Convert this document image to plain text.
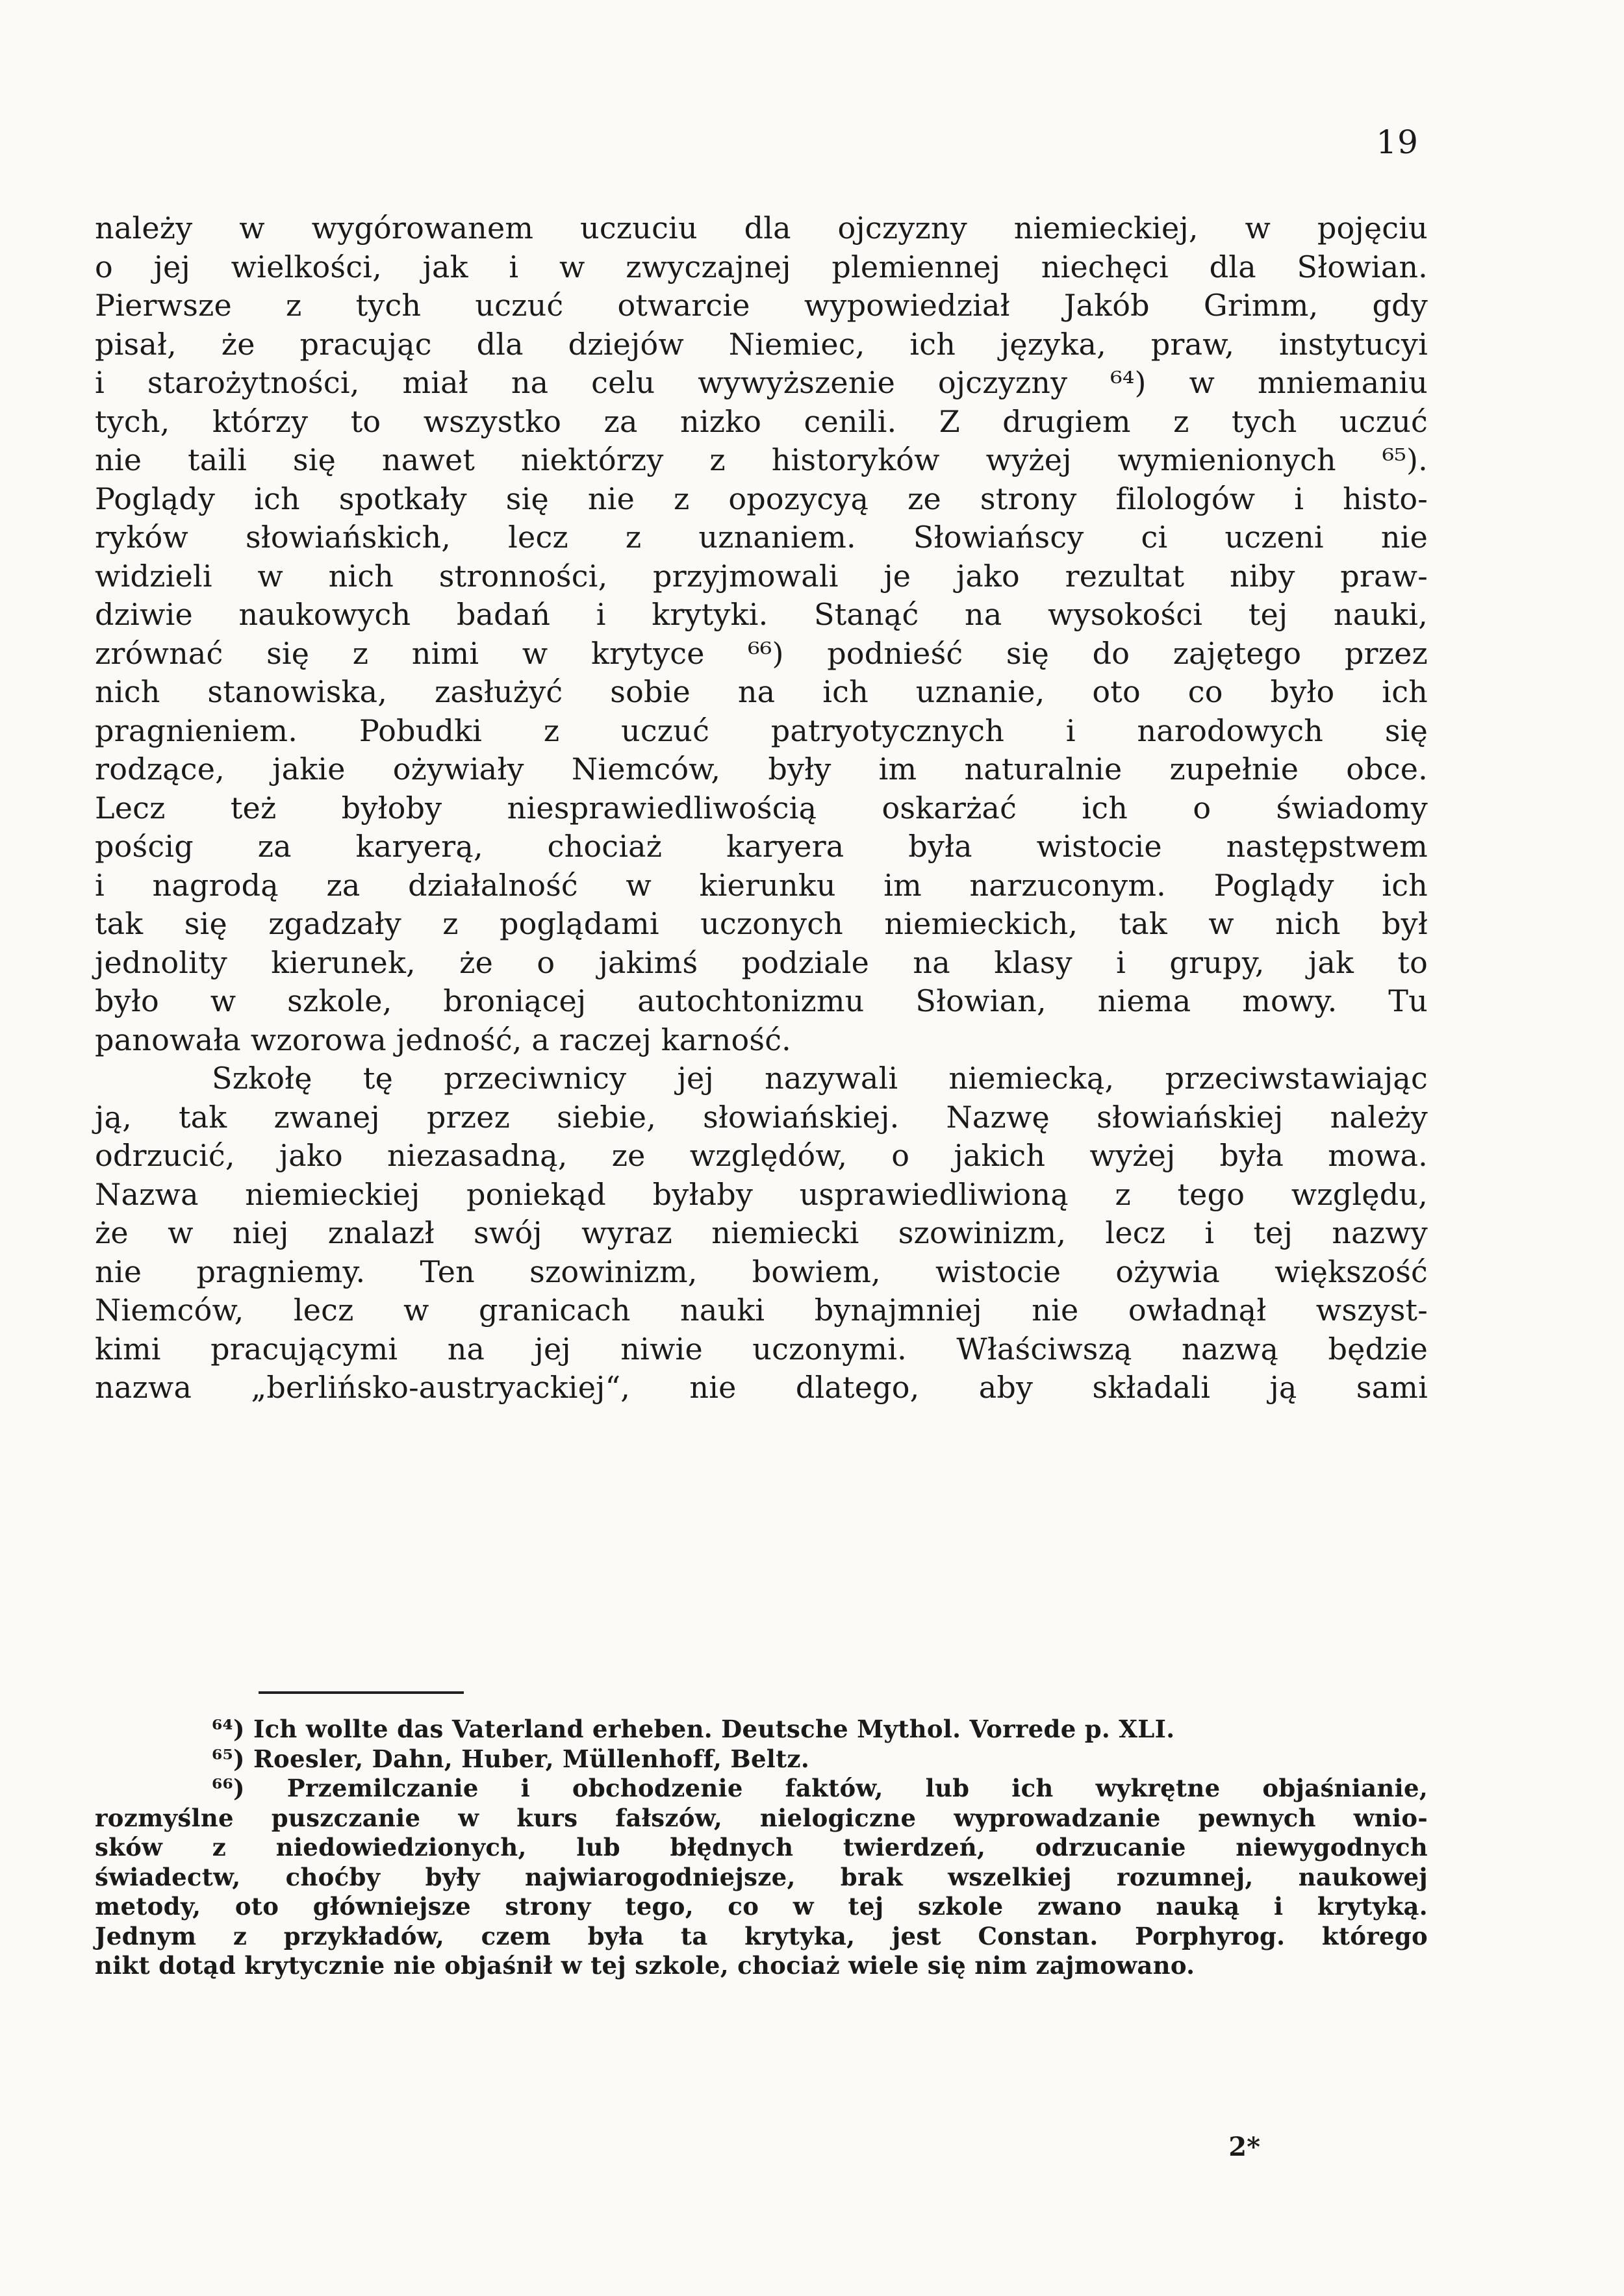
19
należy w wygórowanem uczuciu dla ojczyzny niemieckiej, w pojęciu
o jej wielkości, jak i w zwyczajnej plemiennej niechęci dla Słowian.
Pierwsze z tych uczuć otwarcie wypowiedział Jakób Grimm, gdy
pisał, że pracując dla dziejów Niemiec, ich języka, praw, instytucyi
i starożytności, miał na celu wywyższenie ojczyzny ⁶⁴) w mniemaniu
tych, którzy to wszystko za nizko cenili. Z drugiem z tych uczuć
nie taili się nawet niektórzy z historyków wyżej wymienionych ⁶⁵).
Poglądy ich spotkały się nie z opozycyą ze strony filologów i histo-
ryków słowiańskich, lecz z uznaniem. Słowiańscy ci uczeni nie
widzieli w nich stronności, przyjmowali je jako rezultat niby praw-
dziwie naukowych badań i krytyki. Stanąć na wysokości tej nauki,
zrównać się z nimi w krytyce ⁶⁶) podnieść się do zajętego przez
nich stanowiska, zasłużyć sobie na ich uznanie, oto co było ich
pragnieniem. Pobudki z uczuć patryotycznych i narodowych się
rodzące, jakie ożywiały Niemców, były im naturalnie zupełnie obce.
Lecz też byłoby niesprawiedliwością oskarżać ich o świadomy
pościg za karyerą, chociaż karyera była wistocie następstwem
i nagrodą za działalność w kierunku im narzuconym. Poglądy ich
tak się zgadzały z poglądami uczonych niemieckich, tak w nich był
jednolity kierunek, że o jakimś podziale na klasy i grupy, jak to
było w szkole, broniącej autochtonizmu Słowian, niema mowy. Tu
panowała wzorowa jedność, a raczej karność.
Szkołę tę przeciwnicy jej nazywali niemiecką, przeciwstawiając
ją, tak zwanej przez siebie, słowiańskiej. Nazwę słowiańskiej należy
odrzucić, jako niezasadną, ze względów, o jakich wyżej była mowa.
Nazwa niemieckiej poniekąd byłaby usprawiedliwioną z tego względu,
że w niej znalazł swój wyraz niemiecki szowinizm, lecz i tej nazwy
nie pragniemy. Ten szowinizm, bowiem, wistocie ożywia większość
Niemców, lecz w granicach nauki bynajmniej nie owładnął wszyst-
kimi pracującymi na jej niwie uczonymi. Właściwszą nazwą będzie
nazwa „berlińsko-austryackiej“, nie dlatego, aby składali ją sami
⁶⁴) Ich wollte das Vaterland erheben. Deutsche Mythol. Vorrede p. XLI.
⁶⁵) Roesler, Dahn, Huber, Müllenhoff, Beltz.
⁶⁶) Przemilczanie i obchodzenie faktów, lub ich wykrętne objaśnianie,
rozmyślne puszczanie w kurs fałszów, nielogiczne wyprowadzanie pewnych wnio-
sków z niedowiedzionych, lub błędnych twierdzeń, odrzucanie niewygodnych
świadectw, choćby były najwiarogodniejsze, brak wszelkiej rozumnej, naukowej
metody, oto główniejsze strony tego, co w tej szkole zwano nauką i krytyką.
Jednym z przykładów, czem była ta krytyka, jest Constan. Porphyrog. którego
nikt dotąd krytycznie nie objaśnił w tej szkole, chociaż wiele się nim zajmowano.
2*
